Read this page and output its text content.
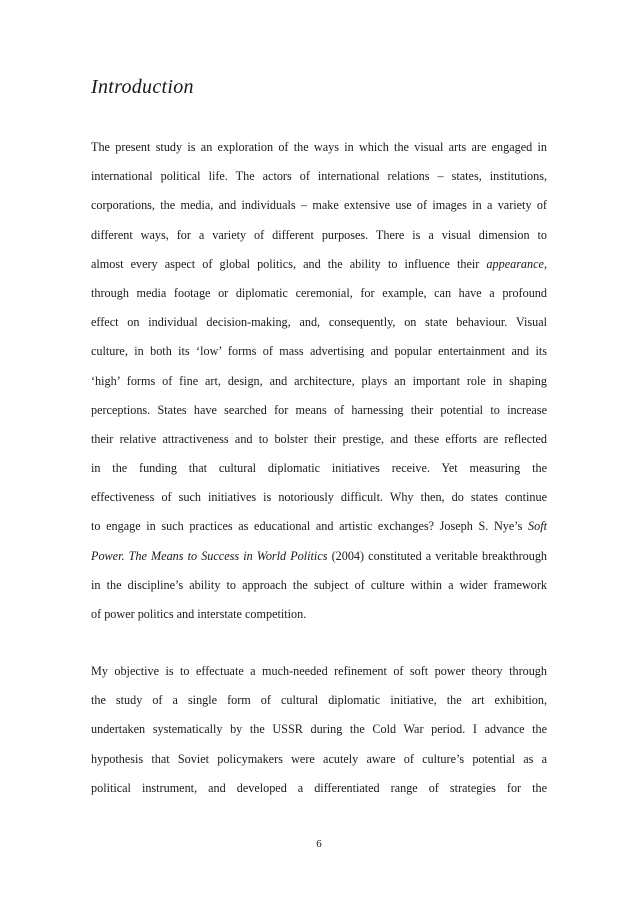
Introduction
The present study is an exploration of the ways in which the visual arts are engaged in
international political life. The actors of international relations – states, institutions,
corporations, the media, and individuals – make extensive use of images in a variety of
different ways, for a variety of different purposes. There is a visual dimension to
almost every aspect of global politics, and the ability to influence their appearance,
through media footage or diplomatic ceremonial, for example, can have a profound
effect on individual decision-making, and, consequently, on state behaviour. Visual
culture, in both its ‘low’ forms of mass advertising and popular entertainment and its
‘high’ forms of fine art, design, and architecture, plays an important role in shaping
perceptions. States have searched for means of harnessing their potential to increase
their relative attractiveness and to bolster their prestige, and these efforts are reflected
in the funding that cultural diplomatic initiatives receive. Yet measuring the
effectiveness of such initiatives is notoriously difficult. Why then, do states continue
to engage in such practices as educational and artistic exchanges? Joseph S. Nye’s Soft
Power. The Means to Success in World Politics (2004) constituted a veritable breakthrough
in the discipline’s ability to approach the subject of culture within a wider framework
of power politics and interstate competition.
My objective is to effectuate a much-needed refinement of soft power theory through
the study of a single form of cultural diplomatic initiative, the art exhibition,
undertaken systematically by the USSR during the Cold War period. I advance the
hypothesis that Soviet policymakers were acutely aware of culture’s potential as a
political instrument, and developed a differentiated range of strategies for the
6
